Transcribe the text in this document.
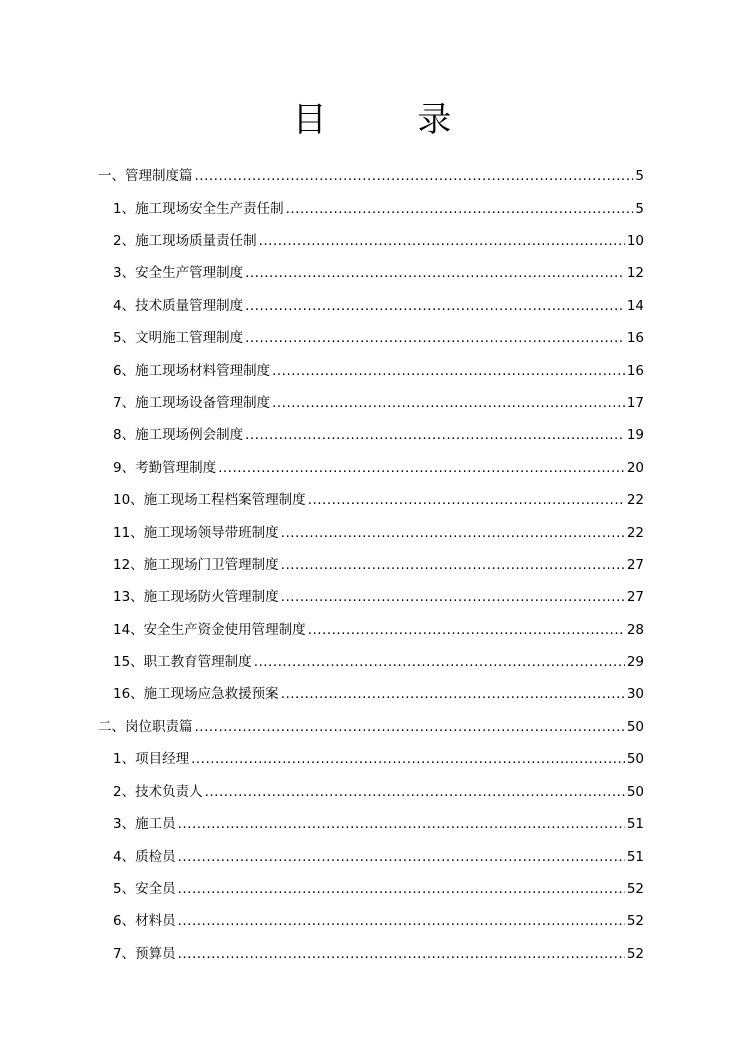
目 录
一、管理制度篇 .....	5
1、施工现场安全生产责任制 .....	5
2、施工现场质量责任制 .....	10
3、安全生产管理制度 .....	12
4、技术质量管理制度 .....	14
5、文明施工管理制度 .....	16
6、施工现场材料管理制度 .....	16
7、施工现场设备管理制度 .....	17
8、施工现场例会制度 .....	19
9、考勤管理制度 .....	20
10、施工现场工程档案管理制度 .....	22
11、施工现场领导带班制度 .....	22
12、施工现场门卫管理制度 .....	27
13、施工现场防火管理制度 .....	27
14、安全生产资金使用管理制度 .....	28
15、职工教育管理制度 .....	29
16、施工现场应急救援预案 .....	30
二、岗位职责篇 .....	50
1、项目经理 .....	50
2、技术负责人 .....	50
3、施工员 .....	51
4、质检员 .....	51
5、安全员 .....	52
6、材料员 .....	52
7、预算员 .....	52
